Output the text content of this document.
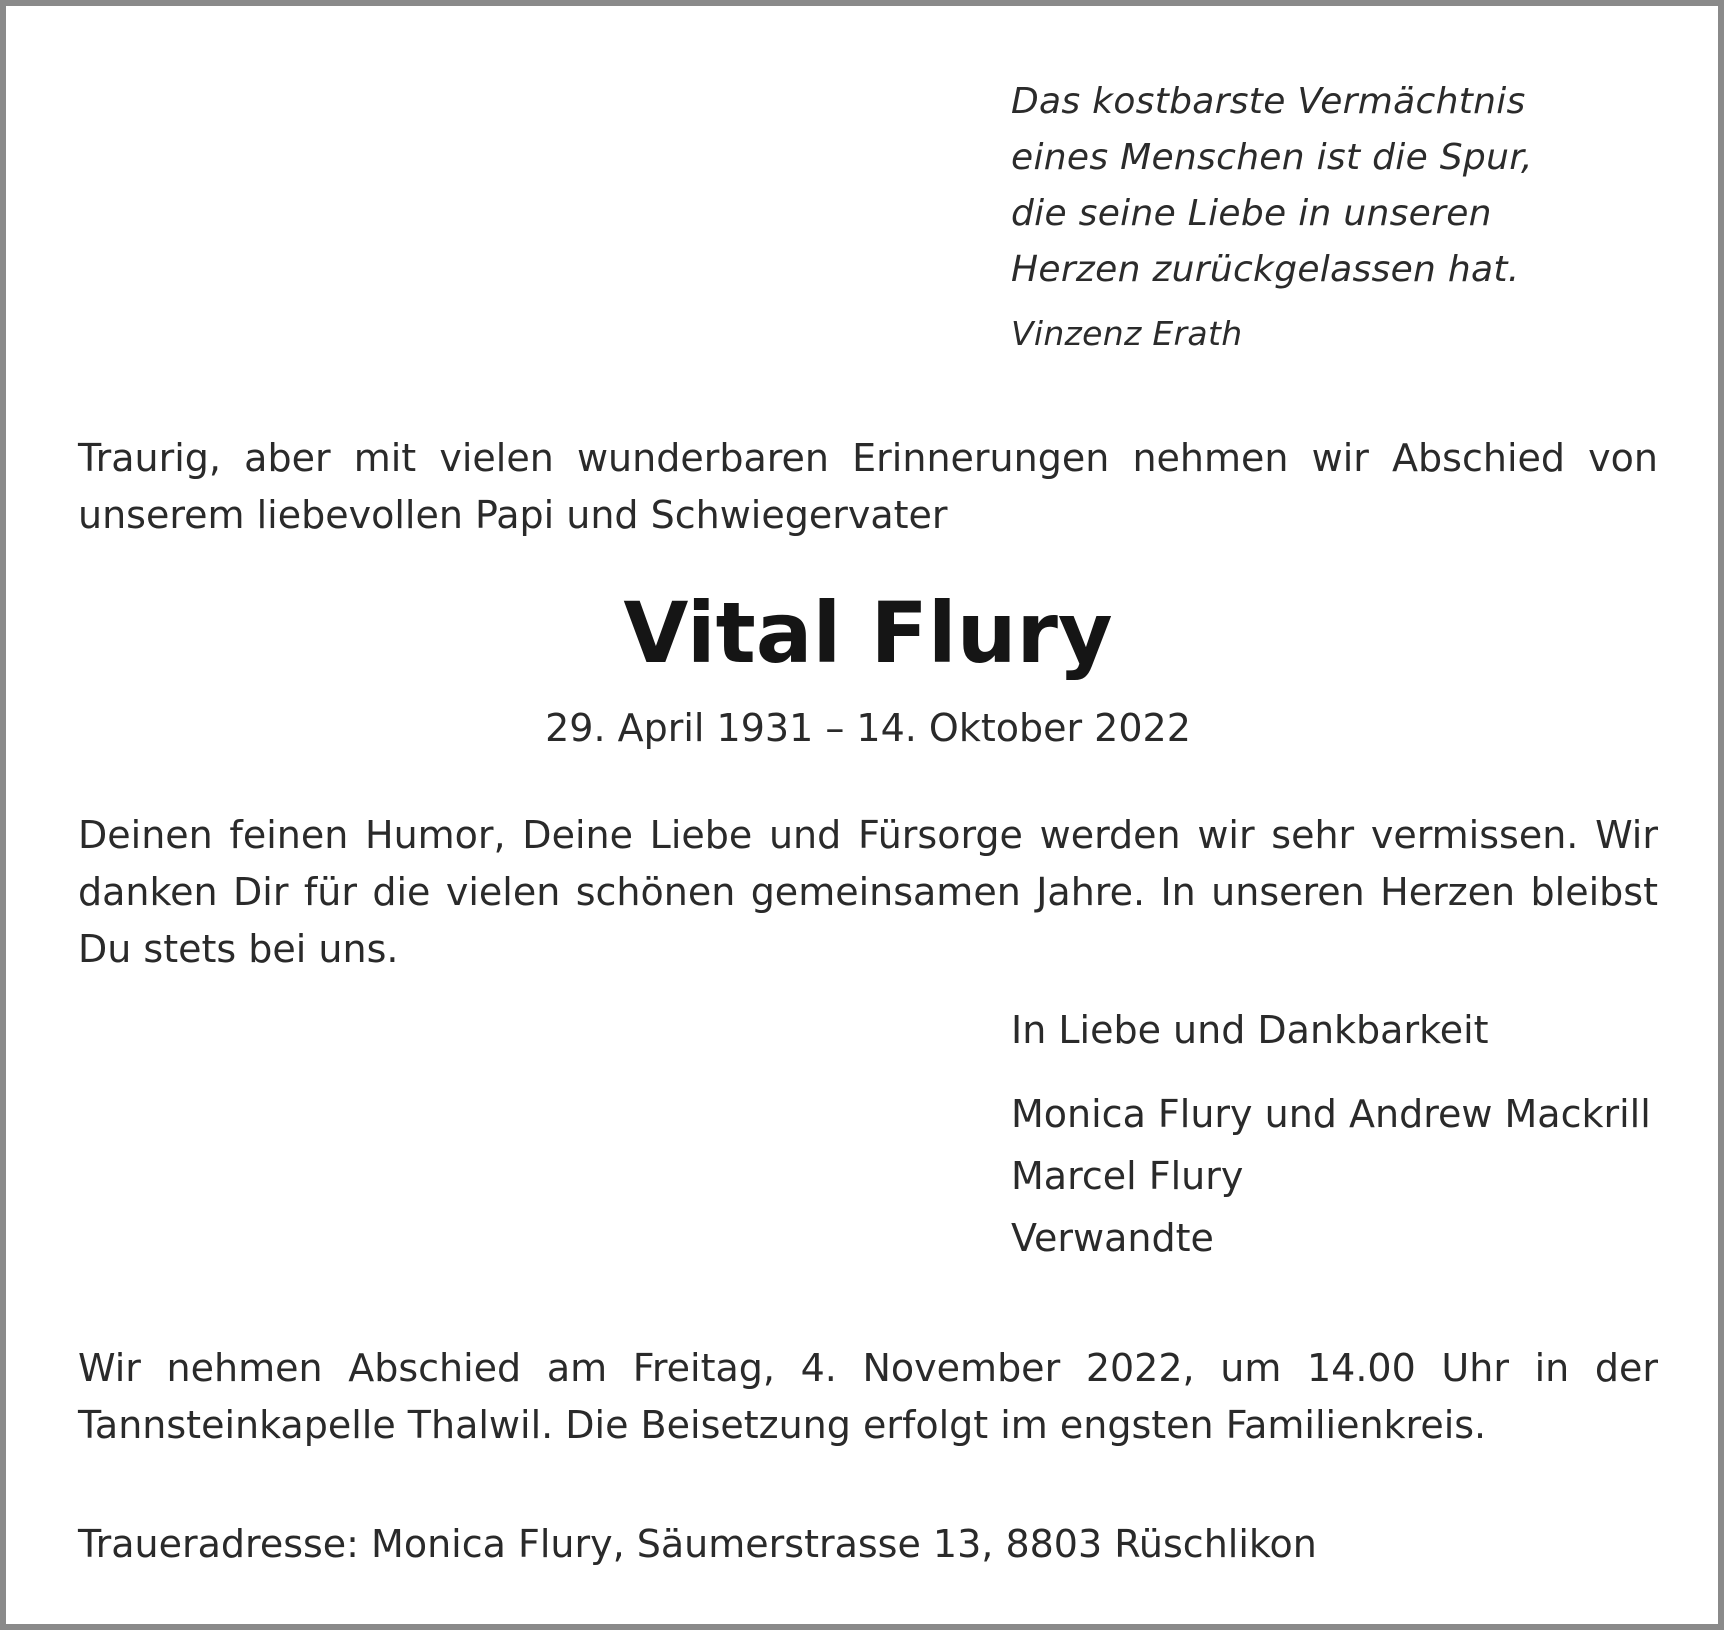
Das kostbarste Vermächtnis
eines Menschen ist die Spur,
die seine Liebe in unseren
Herzen zurückgelassen hat.
Vinzenz Erath
Traurig, aber mit vielen wunderbaren Erinnerungen nehmen wir Abschied von unserem liebevollen Papi und Schwiegervater
Vital Flury
29. April 1931 – 14. Oktober 2022
Deinen feinen Humor, Deine Liebe und Fürsorge werden wir sehr vermissen. Wir danken Dir für die vielen schönen gemeinsamen Jahre. In unseren Herzen bleibst Du stets bei uns.
In Liebe und Dankbarkeit
Monica Flury und Andrew Mackrill
Marcel Flury
Verwandte
Wir nehmen Abschied am Freitag, 4. November 2022, um 14.00 Uhr in der Tannsteinkapelle Thalwil. Die Beisetzung erfolgt im engsten Familienkreis.
Traueradresse: Monica Flury, Säumerstrasse 13, 8803 Rüschlikon
